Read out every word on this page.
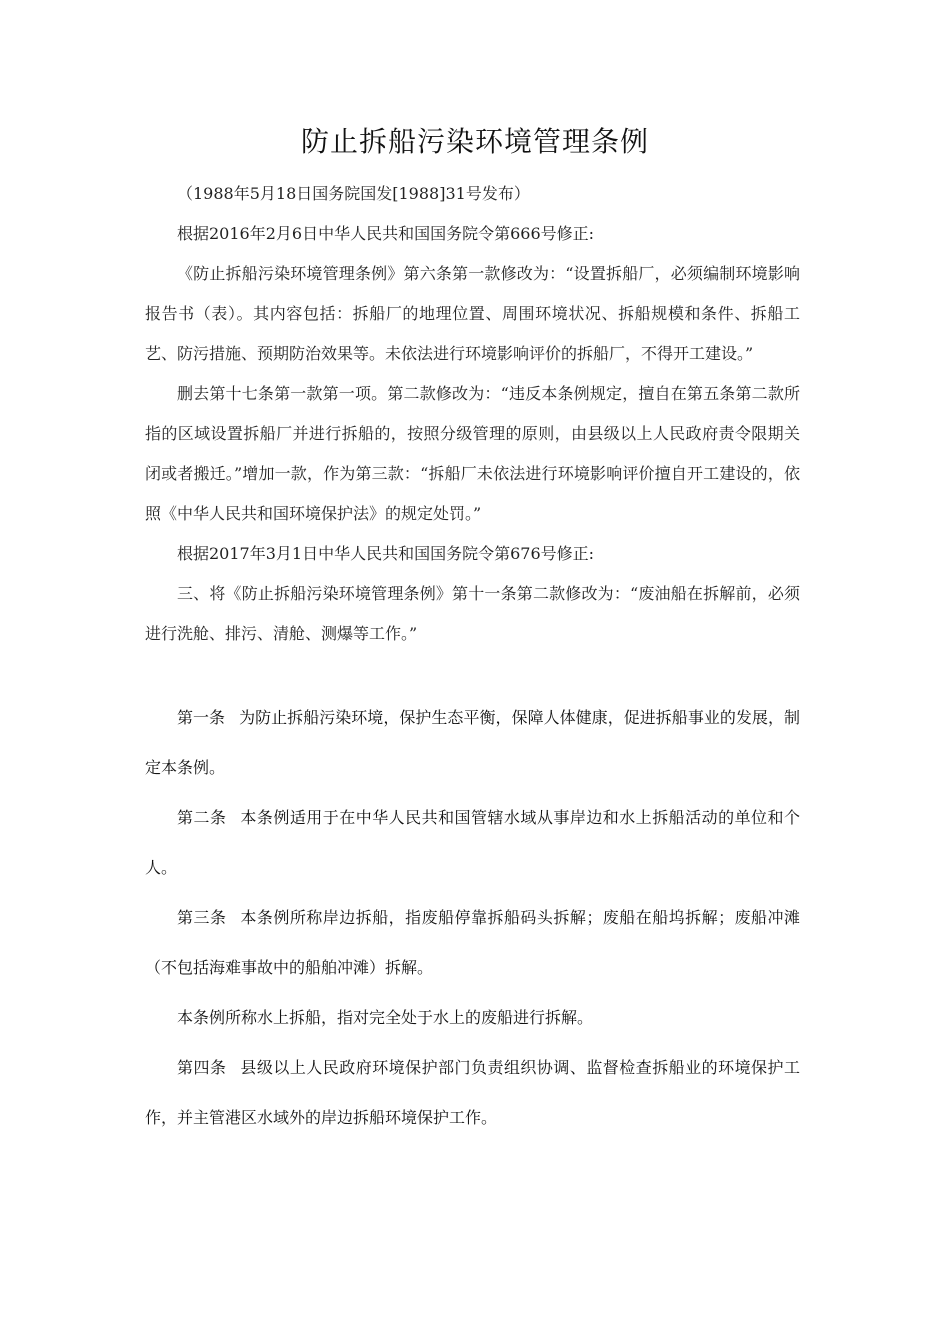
防止拆船污染环境管理条例

（1988年5月18日国务院国发[1988]31号发布）

根据2016年2月6日中华人民共和国国务院令第666号修正:

《防止拆船污染环境管理条例》第六条第一款修改为：“设置拆船厂，必须编制环境影响报告书（表）。其内容包括：拆船厂的地理位置、周围环境状况、拆船规模和条件、拆船工艺、防污措施、预期防治效果等。未依法进行环境影响评价的拆船厂，不得开工建设。”

删去第十七条第一款第一项。第二款修改为：“违反本条例规定，擅自在第五条第二款所指的区域设置拆船厂并进行拆船的，按照分级管理的原则，由县级以上人民政府责令限期关闭或者搬迁。”增加一款，作为第三款：“拆船厂未依法进行环境影响评价擅自开工建设的，依照《中华人民共和国环境保护法》的规定处罚。”

根据2017年3月1日中华人民共和国国务院令第676号修正:

三、将《防止拆船污染环境管理条例》第十一条第二款修改为：“废油船在拆解前，必须进行洗舱、排污、清舱、测爆等工作。”

第一条 为防止拆船污染环境，保护生态平衡，保障人体健康，促进拆船事业的发展，制定本条例。

第二条 本条例适用于在中华人民共和国管辖水域从事岸边和水上拆船活动的单位和个人。

第三条 本条例所称岸边拆船，指废船停靠拆船码头拆解；废船在船坞拆解；废船冲滩（不包括海难事故中的船舶冲滩）拆解。

本条例所称水上拆船，指对完全处于水上的废船进行拆解。

第四条 县级以上人民政府环境保护部门负责组织协调、监督检查拆船业的环境保护工作，并主管港区水域外的岸边拆船环境保护工作。
